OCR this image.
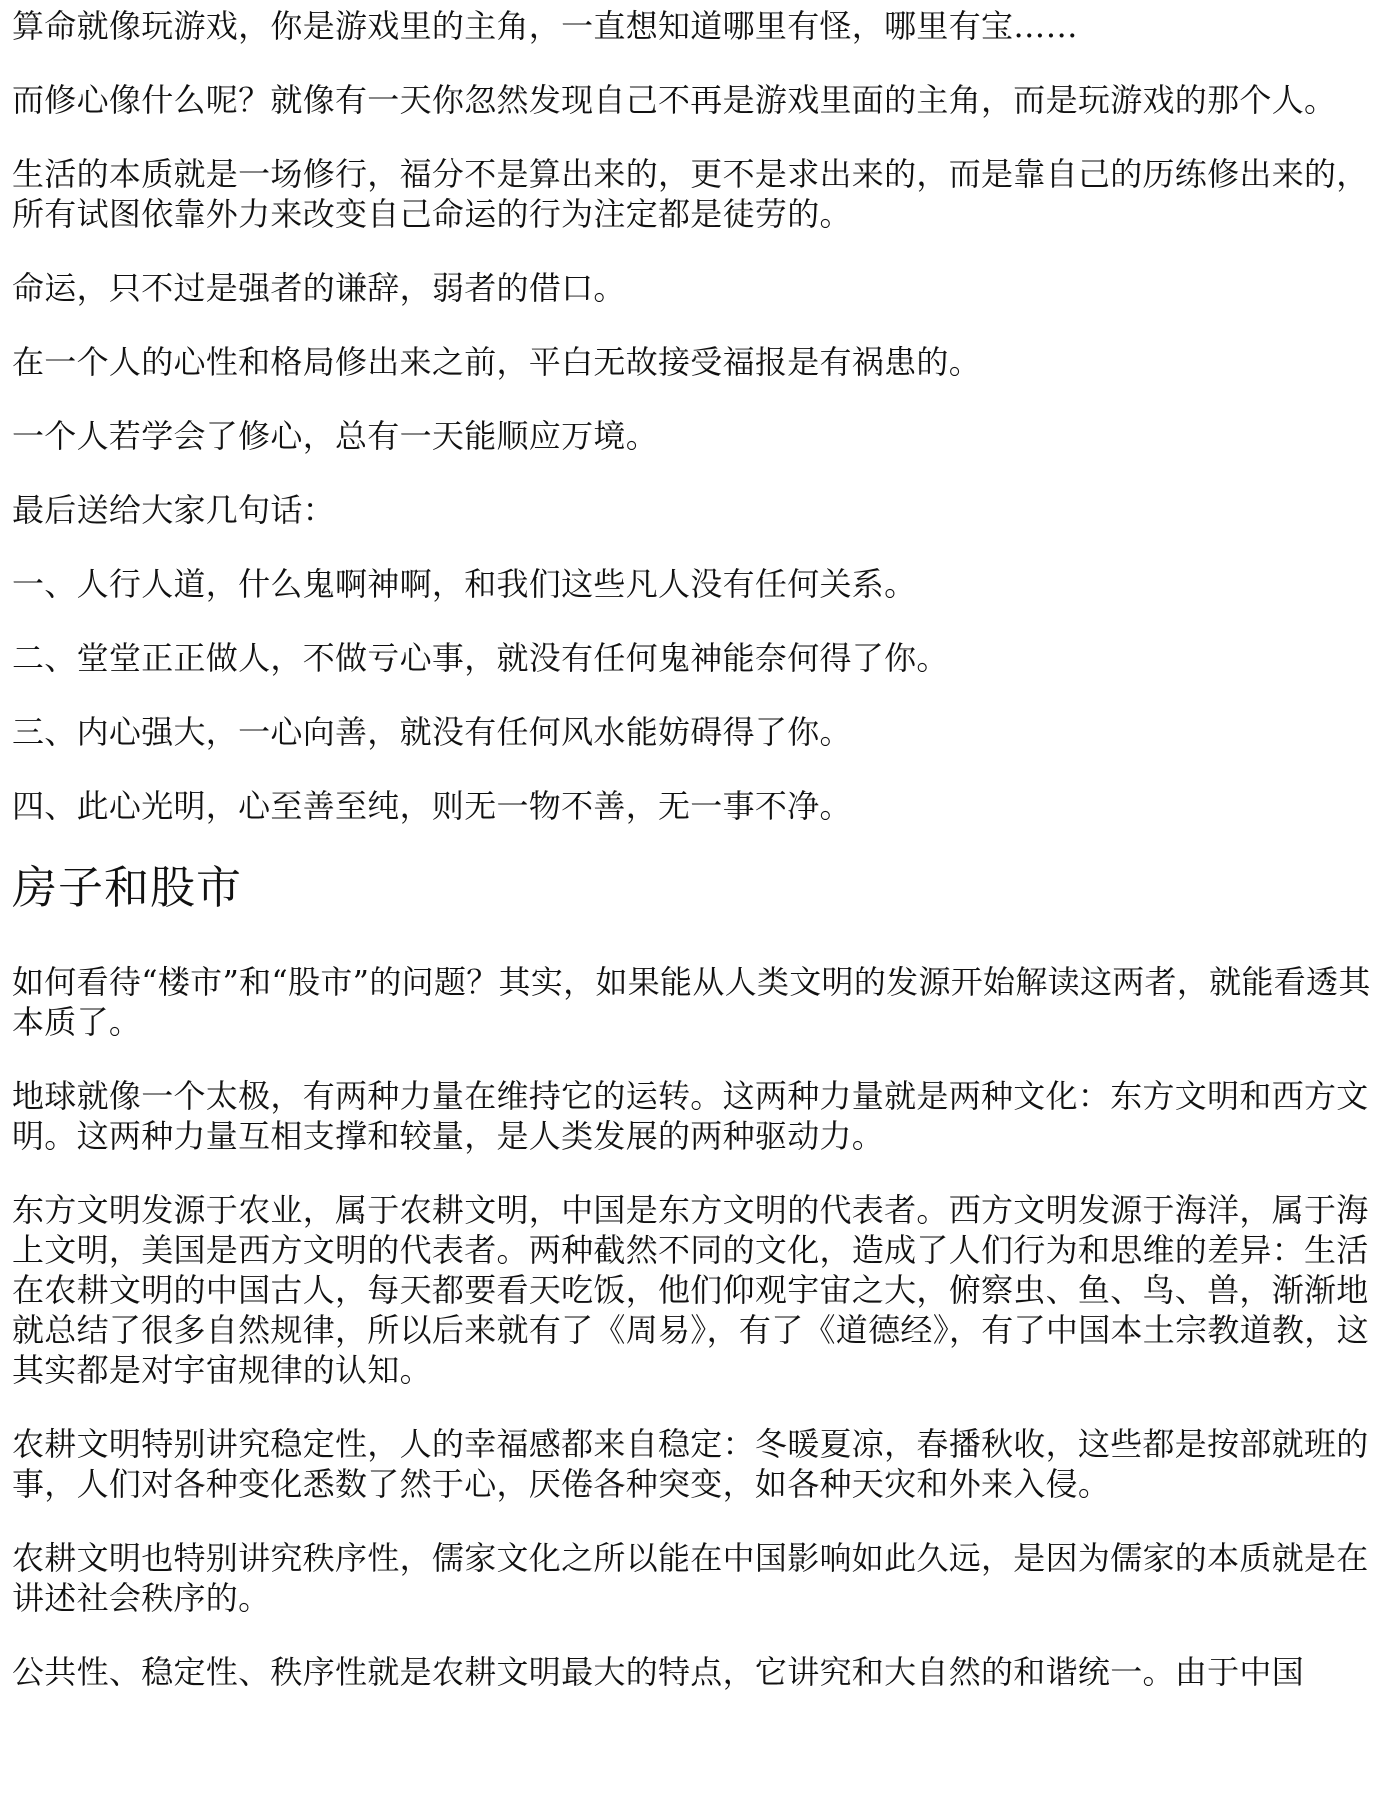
算命就像玩游戏，你是游戏里的主角，一直想知道哪里有怪，哪里有宝……

而修心像什么呢？就像有一天你忽然发现自己不再是游戏里面的主角，而是玩游戏的那个人。

生活的本质就是一场修行，福分不是算出来的，更不是求出来的，而是靠自己的历练修出来的，所有试图依靠外力来改变自己命运的行为注定都是徒劳的。

命运，只不过是强者的谦辞，弱者的借口。

在一个人的心性和格局修出来之前，平白无故接受福报是有祸患的。

一个人若学会了修心，总有一天能顺应万境。

最后送给大家几句话：

一、人行人道，什么鬼啊神啊，和我们这些凡人没有任何关系。

二、堂堂正正做人，不做亏心事，就没有任何鬼神能奈何得了你。

三、内心强大，一心向善，就没有任何风水能妨碍得了你。

四、此心光明，心至善至纯，则无一物不善，无一事不净。

房子和股市

如何看待“楼市”和“股市”的问题？其实，如果能从人类文明的发源开始解读这两者，就能看透其本质了。

地球就像一个太极，有两种力量在维持它的运转。这两种力量就是两种文化：东方文明和西方文明。这两种力量互相支撑和较量，是人类发展的两种驱动力。

东方文明发源于农业，属于农耕文明，中国是东方文明的代表者。西方文明发源于海洋，属于海上文明，美国是西方文明的代表者。两种截然不同的文化，造成了人们行为和思维的差异：生活在农耕文明的中国古人，每天都要看天吃饭，他们仰观宇宙之大，俯察虫、鱼、鸟、兽，渐渐地就总结了很多自然规律，所以后来就有了《周易》，有了《道德经》，有了中国本土宗教道教，这其实都是对宇宙规律的认知。

农耕文明特别讲究稳定性，人的幸福感都来自稳定：冬暖夏凉，春播秋收，这些都是按部就班的事，人们对各种变化悉数了然于心，厌倦各种突变，如各种天灾和外来入侵。

农耕文明也特别讲究秩序性，儒家文化之所以能在中国影响如此久远，是因为儒家的本质就是在讲述社会秩序的。

公共性、稳定性、秩序性就是农耕文明最大的特点，它讲究和大自然的和谐统一。由于中国
